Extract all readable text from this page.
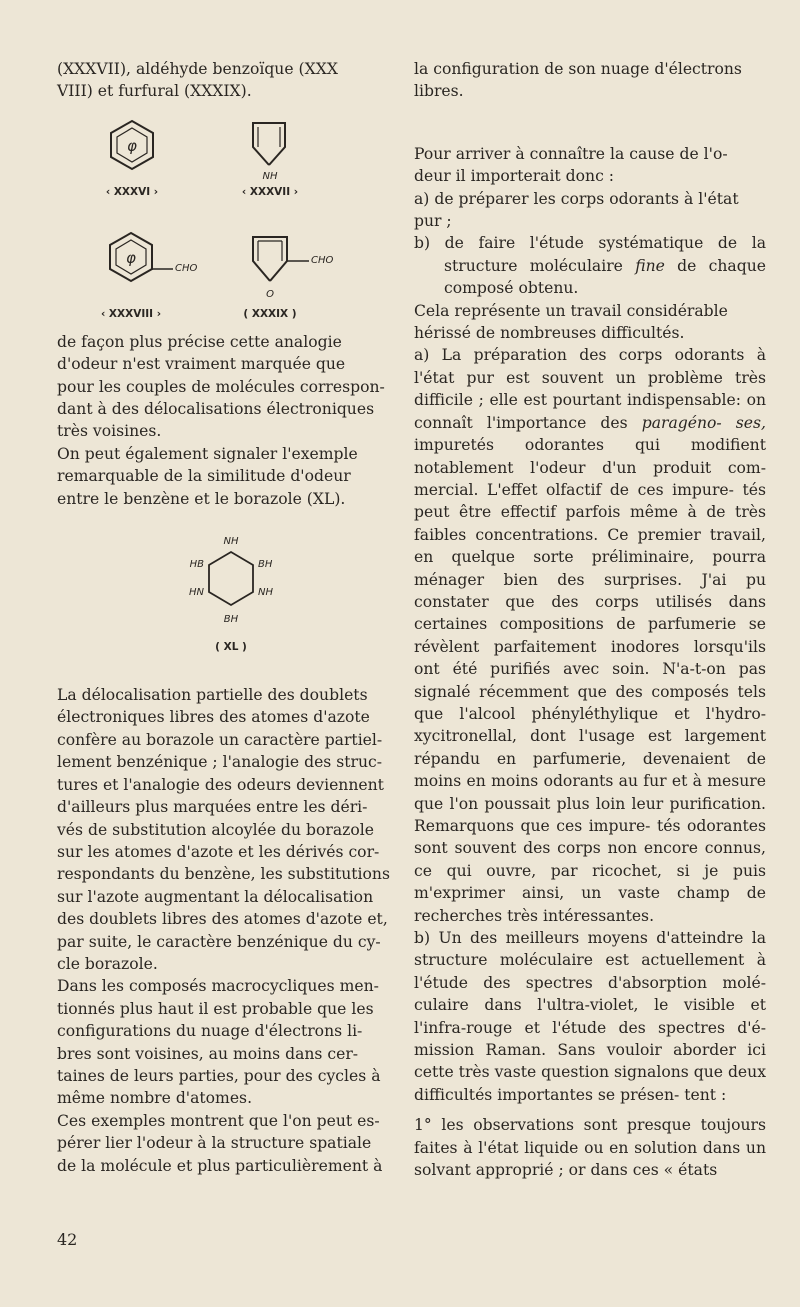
(XXXVII), aldéhyde benzoïque (XXX

VIII) et furfural (XXXIX).

φ
‹ XXXVI ›
NH
‹ XXXVII ›
φ
CHO
‹ XXXVIII ›
CHO
O
( XXXIX )

de façon plus précise cette analogie

d'odeur n'est vraiment marquée que

pour les couples de molécules correspon-

dant à des délocalisations électroniques

très voisines.

On peut également signaler l'exemple

remarquable de la similitude d'odeur

entre le benzène et le borazole (XL).

NH
HB	BH
HN	NH
BH
( XL )

La délocalisation partielle des doublets

électroniques libres des atomes d'azote

confère au borazole un caractère partiel-

lement benzénique ; l'analogie des struc-

tures et l'analogie des odeurs deviennent

d'ailleurs plus marquées entre les déri-

vés de substitution alcoylée du borazole

sur les atomes d'azote et les dérivés cor-

respondants du benzène, les substitutions

sur l'azote augmentant la délocalisation

des doublets libres des atomes d'azote et,

par suite, le caractère benzénique du cy-

cle borazole.

Dans les composés macrocycliques men-

tionnés plus haut il est probable que les

configurations du nuage d'électrons li-

bres sont voisines, au moins dans cer-

taines de leurs parties, pour des cycles à

même nombre d'atomes.

Ces exemples montrent que l'on peut es-

pérer lier l'odeur à la structure spatiale

de la molécule et plus particulièrement à

la configuration de son nuage d'électrons

libres.

Pour arriver à connaître la cause de l'o-

deur il importerait donc :

a) de préparer les corps odorants à l'état

pur ;

b) de faire l'étude systématique de la structure moléculaire fine de chaque composé obtenu.

Cela représente un travail considérable

hérissé de nombreuses difficultés.

a) La préparation des corps odorants à l'état pur est souvent un problème très difficile ; elle est pourtant indispensable: on connaît l'importance des paragéno- ses, impuretés odorantes qui modifient notablement l'odeur d'un produit com- mercial. L'effet olfactif de ces impure- tés peut être effectif parfois même à de très faibles concentrations. Ce premier travail, en quelque sorte préliminaire, pourra ménager bien des surprises. J'ai pu constater que des corps utilisés dans certaines compositions de parfumerie se révèlent parfaitement inodores lorsqu'ils ont été purifiés avec soin. N'a-t-on pas signalé récemment que des composés tels que l'alcool phényléthylique et l'hydro- xycitronellal, dont l'usage est largement répandu en parfumerie, devenaient de moins en moins odorants au fur et à mesure que l'on poussait plus loin leur purification. Remarquons que ces impure- tés odorantes sont souvent des corps non encore connus, ce qui ouvre, par ricochet, si je puis m'exprimer ainsi, un vaste champ de recherches très intéressantes.

b) Un des meilleurs moyens d'atteindre la structure moléculaire est actuellement à l'étude des spectres d'absorption molé- culaire dans l'ultra-violet, le visible et l'infra-rouge et l'étude des spectres d'é- mission Raman. Sans vouloir aborder ici cette très vaste question signalons que deux difficultés importantes se présen- tent :

1° les observations sont presque toujours faites à l'état liquide ou en solution dans un solvant approprié ; or dans ces « états

42
